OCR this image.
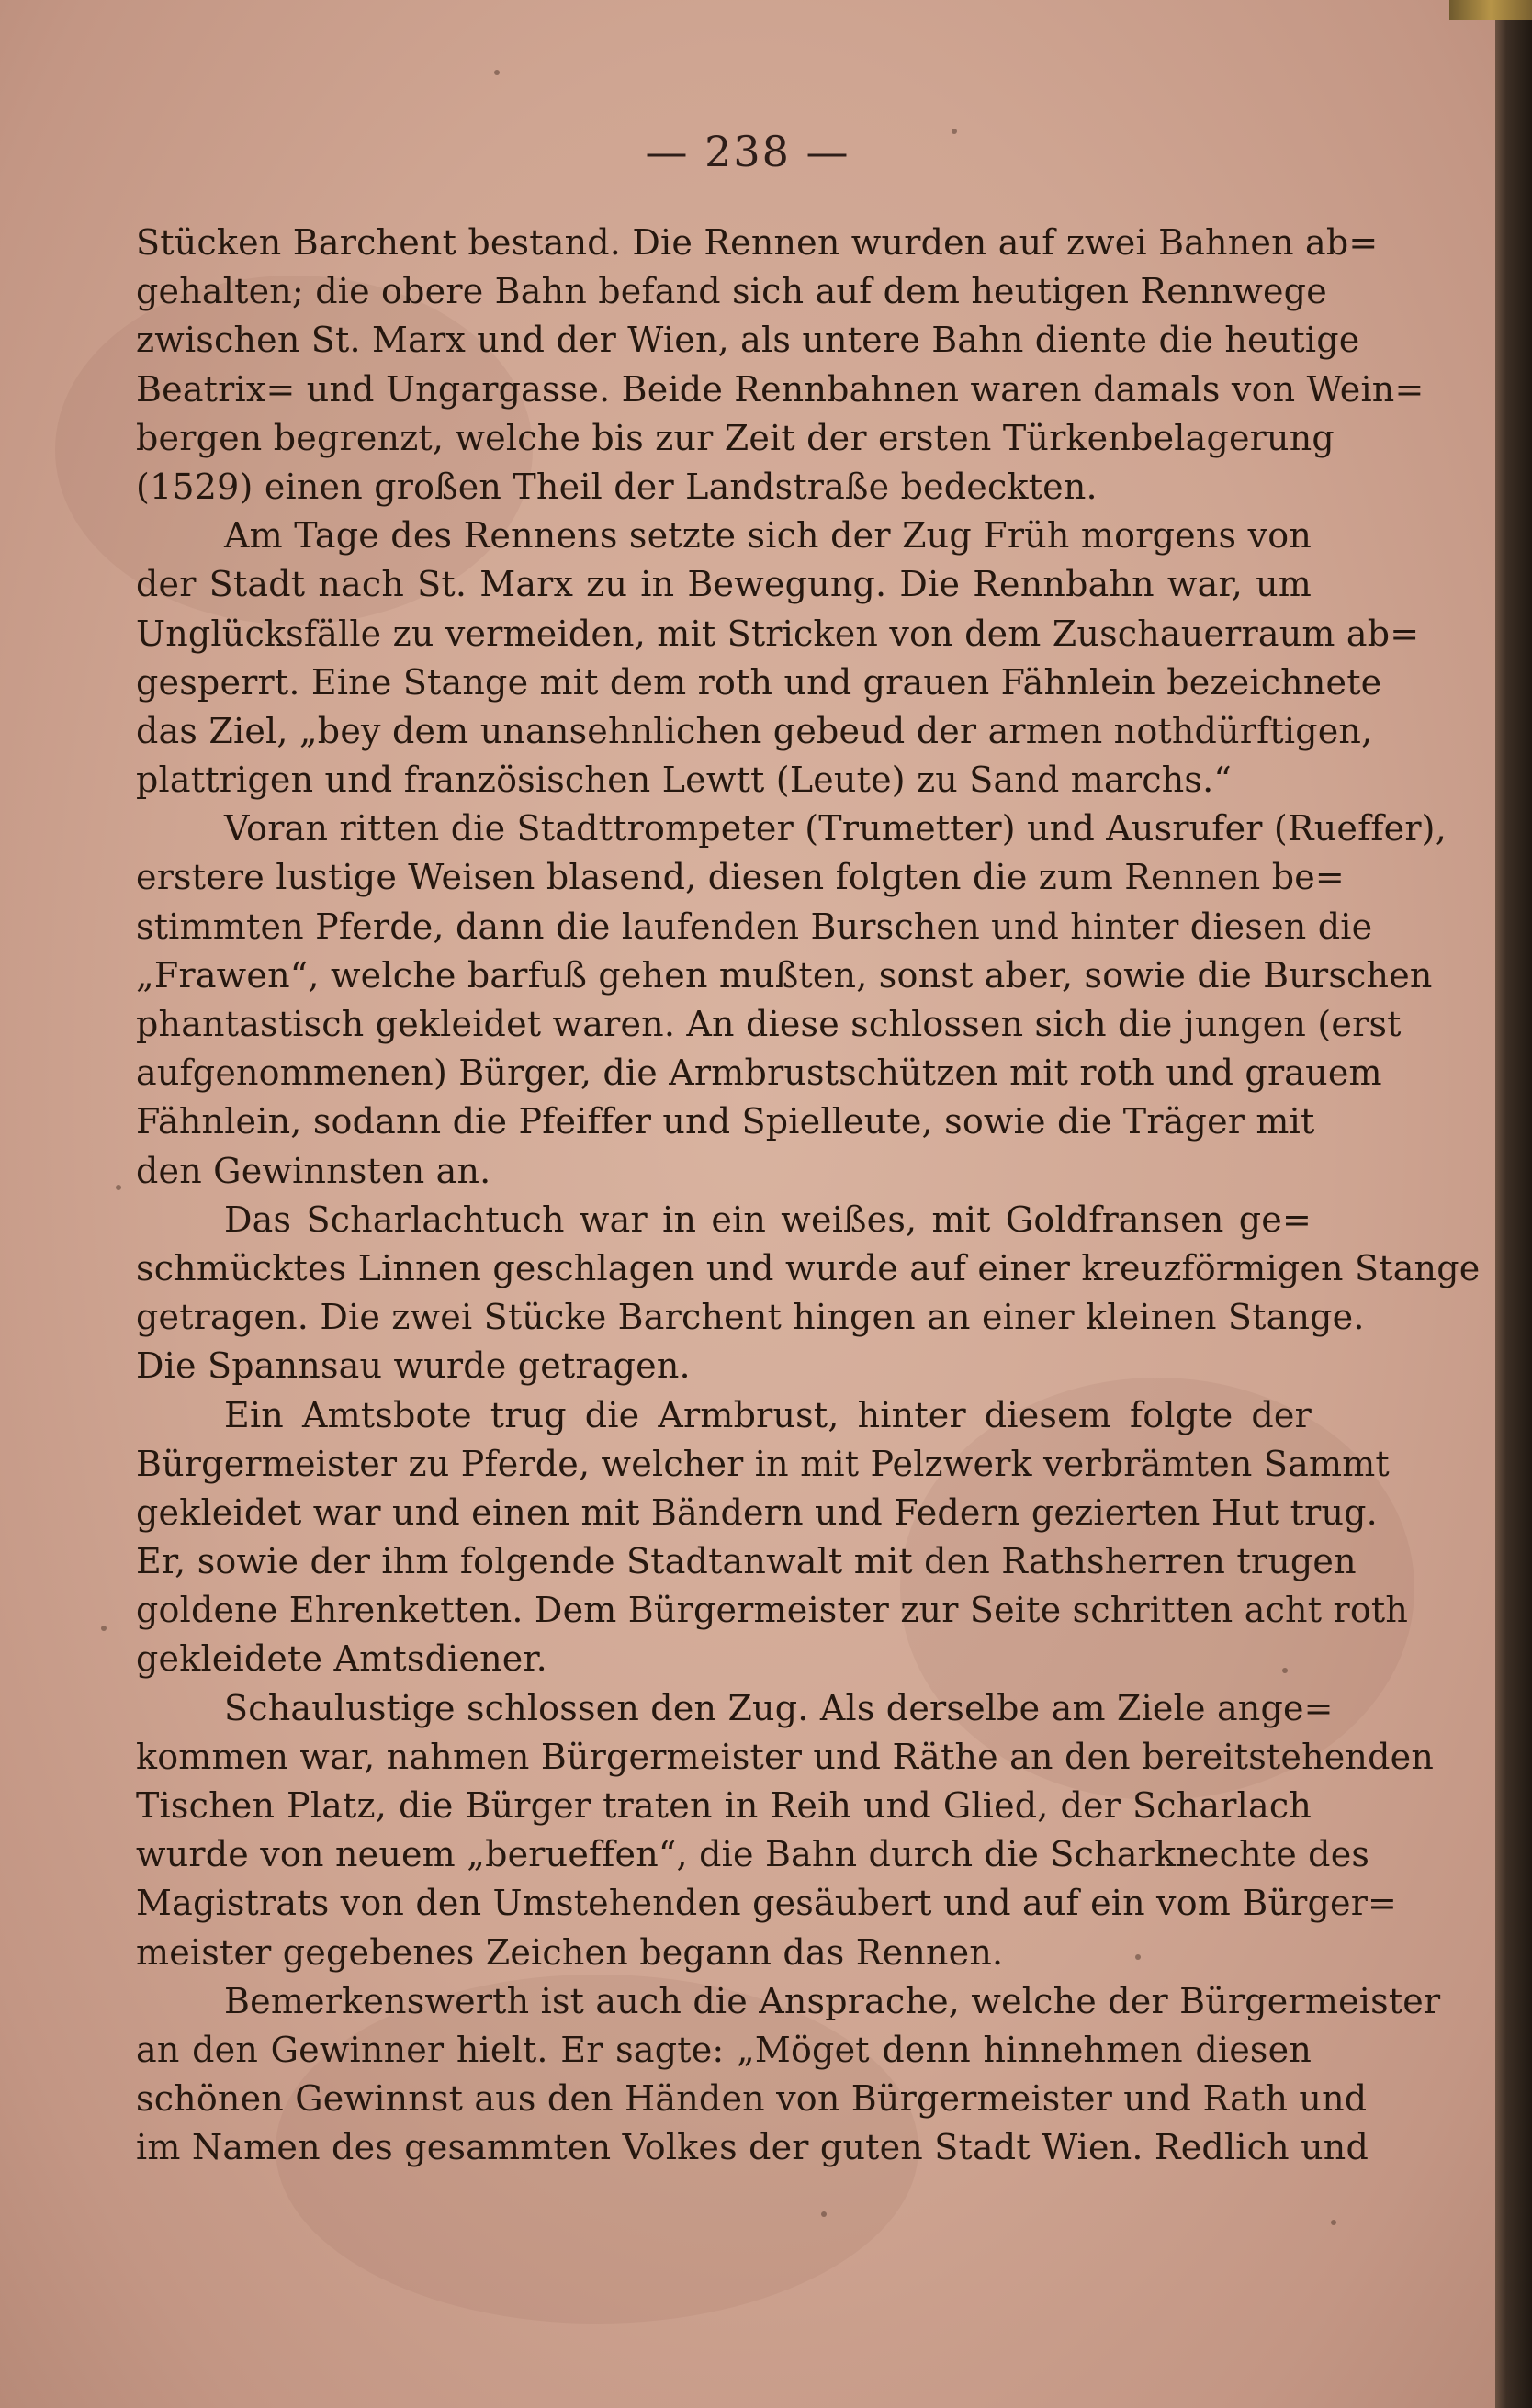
— 238 —
Stücken Barchent bestand. Die Rennen wurden auf zwei Bahnen ab=
gehalten; die obere Bahn befand sich auf dem heutigen Rennwege
zwischen St. Marx und der Wien, als untere Bahn diente die heutige
Beatrix= und Ungargasse. Beide Rennbahnen waren damals von Wein=
bergen begrenzt, welche bis zur Zeit der ersten Türkenbelagerung
(1529) einen großen Theil der Landstraße bedeckten.
Am Tage des Rennens setzte sich der Zug Früh morgens von
der Stadt nach St. Marx zu in Bewegung. Die Rennbahn war, um
Unglücksfälle zu vermeiden, mit Stricken von dem Zuschauerraum ab=
gesperrt. Eine Stange mit dem roth und grauen Fähnlein bezeichnete
das Ziel, „bey dem unansehnlichen gebeud der armen nothdürftigen,
plattrigen und französischen Lewtt (Leute) zu Sand marchs.“
Voran ritten die Stadttrompeter (Trumetter) und Ausrufer (Rueffer),
erstere lustige Weisen blasend, diesen folgten die zum Rennen be=
stimmten Pferde, dann die laufenden Burschen und hinter diesen die
„Frawen“, welche barfuß gehen mußten, sonst aber, sowie die Burschen
phantastisch gekleidet waren. An diese schlossen sich die jungen (erst
aufgenommenen) Bürger, die Armbrustschützen mit roth und grauem
Fähnlein, sodann die Pfeiffer und Spielleute, sowie die Träger mit
den Gewinnsten an.
Das Scharlachtuch war in ein weißes, mit Goldfransen ge=
schmücktes Linnen geschlagen und wurde auf einer kreuzförmigen Stange
getragen. Die zwei Stücke Barchent hingen an einer kleinen Stange.
Die Spannsau wurde getragen.
Ein Amtsbote trug die Armbrust, hinter diesem folgte der
Bürgermeister zu Pferde, welcher in mit Pelzwerk verbrämten Sammt
gekleidet war und einen mit Bändern und Federn gezierten Hut trug.
Er, sowie der ihm folgende Stadtanwalt mit den Rathsherren trugen
goldene Ehrenketten. Dem Bürgermeister zur Seite schritten acht roth
gekleidete Amtsdiener.
Schaulustige schlossen den Zug. Als derselbe am Ziele ange=
kommen war, nahmen Bürgermeister und Räthe an den bereitstehenden
Tischen Platz, die Bürger traten in Reih und Glied, der Scharlach
wurde von neuem „berueffen“, die Bahn durch die Scharknechte des
Magistrats von den Umstehenden gesäubert und auf ein vom Bürger=
meister gegebenes Zeichen begann das Rennen.
Bemerkenswerth ist auch die Ansprache, welche der Bürgermeister
an den Gewinner hielt. Er sagte: „Möget denn hinnehmen diesen
schönen Gewinnst aus den Händen von Bürgermeister und Rath und
im Namen des gesammten Volkes der guten Stadt Wien. Redlich und
